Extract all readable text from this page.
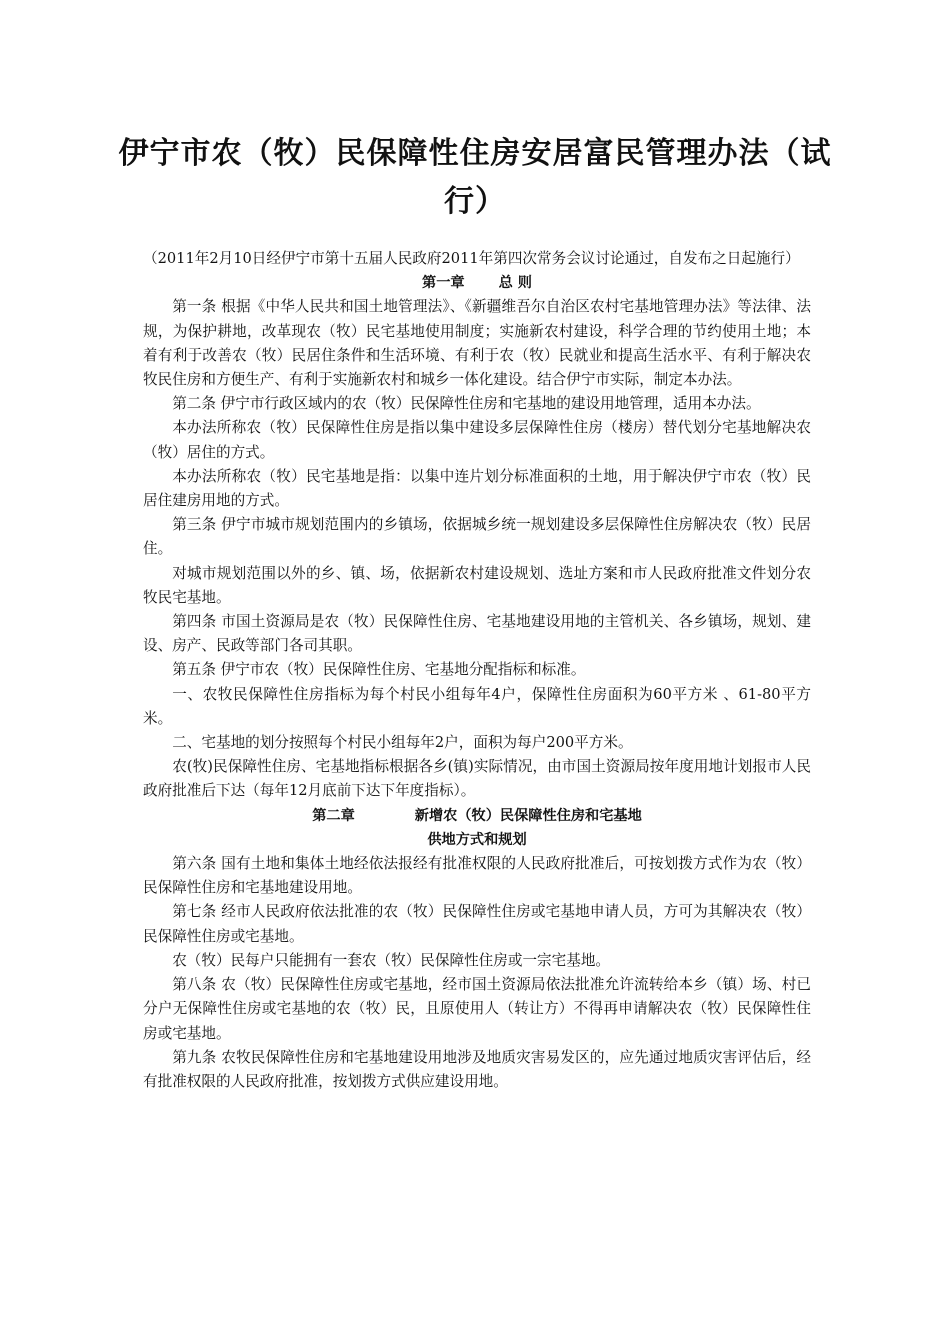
伊宁市农（牧）民保障性住房安居富民管理办法（试行）

（2011年2月10日经伊宁市第十五届人民政府2011年第四次常务会议讨论通过，自发布之日起施行）

第一章 总 则

第一条 根据《中华人民共和国土地管理法》、《新疆维吾尔自治区农村宅基地管理办法》等法律、法规，为保护耕地，改革现农（牧）民宅基地使用制度；实施新农村建设，科学合理的节约使用土地；本着有利于改善农（牧）民居住条件和生活环境、有利于农（牧）民就业和提高生活水平、有利于解决农牧民住房和方便生产、有利于实施新农村和城乡一体化建设。结合伊宁市实际，制定本办法。

第二条 伊宁市行政区域内的农（牧）民保障性住房和宅基地的建设用地管理，适用本办法。

本办法所称农（牧）民保障性住房是指以集中建设多层保障性住房（楼房）替代划分宅基地解决农（牧）居住的方式。

本办法所称农（牧）民宅基地是指：以集中连片划分标准面积的土地，用于解决伊宁市农（牧）民居住建房用地的方式。

第三条 伊宁市城市规划范围内的乡镇场，依据城乡统一规划建设多层保障性住房解决农（牧）民居住。

对城市规划范围以外的乡、镇、场，依据新农村建设规划、选址方案和市人民政府批准文件划分农牧民宅基地。

第四条 市国土资源局是农（牧）民保障性住房、宅基地建设用地的主管机关、各乡镇场，规划、建设、房产、民政等部门各司其职。

第五条 伊宁市农（牧）民保障性住房、宅基地分配指标和标准。

一、农牧民保障性住房指标为每个村民小组每年4户，保障性住房面积为60平方米 、61-80平方米。

二、宅基地的划分按照每个村民小组每年2户，面积为每户200平方米。

农(牧)民保障性住房、宅基地指标根据各乡(镇)实际情况，由市国土资源局按年度用地计划报市人民政府批准后下达（每年12月底前下达下年度指标）。

第二章	新增农（牧）民保障性住房和宅基地

供地方式和规划

第六条 国有土地和集体土地经依法报经有批准权限的人民政府批准后，可按划拨方式作为农（牧）民保障性住房和宅基地建设用地。

第七条 经市人民政府依法批准的农（牧）民保障性住房或宅基地申请人员，方可为其解决农（牧）民保障性住房或宅基地。

农（牧）民每户只能拥有一套农（牧）民保障性住房或一宗宅基地。

第八条 农（牧）民保障性住房或宅基地，经市国土资源局依法批准允许流转给本乡（镇）场、村已分户无保障性住房或宅基地的农（牧）民，且原使用人（转让方）不得再申请解决农（牧）民保障性住房或宅基地。

第九条 农牧民保障性住房和宅基地建设用地涉及地质灾害易发区的，应先通过地质灾害评估后，经有批准权限的人民政府批准，按划拨方式供应建设用地。
